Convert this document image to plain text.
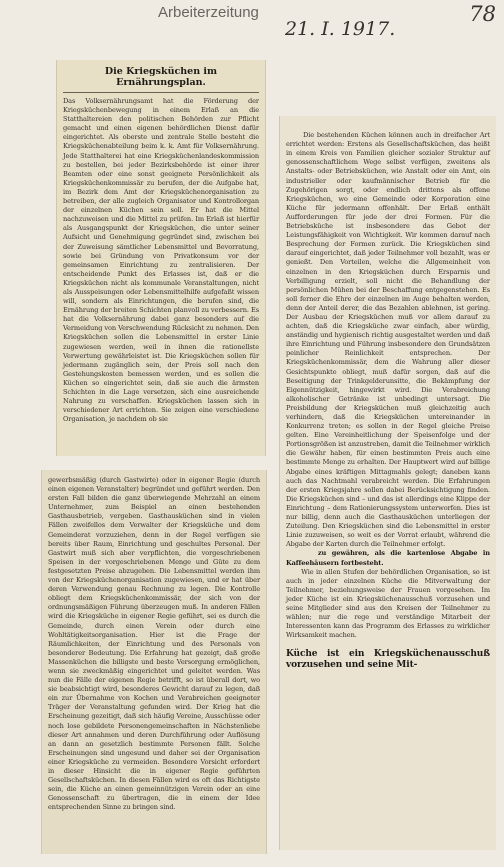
Arbeiterzeitung
21. I. 1917.
78
Die Kriegsküchen im Ernährungsplan.
Das Volksernährungsamt hat die Förderung der Kriegsküchenbewegung in einem Erlaß an die Statthaltereien den politischen Behörden zur Pflicht gemacht und einen eigenen behördlichen Dienst dafür eingerichtet. Als oberste und zentrale Stelle besteht die Kriegsküchenabteilung beim k. k. Amt für Volksernährung. Jede Statthalterei hat eine Kriegsküchenlandeskommission zu bestellen, bei jeder Bezirksbehörde ist einer ihrer Beamten oder eine sonst geeignete Persönlichkeit als Kriegsküchenkommissär zu berufen, der die Aufgabe hat, im Bezirk dem Amt der Kriegsküchenorganisation zu betreiben, der alle zugleich Organisator und Kontrollorgan der einzelnen Küchen sein soll. Er hat die Mittel nachzuweisen und die Mittel zu prüfen. Im Erlaß ist hierfür als Ausgangspunkt der Kriegsküchen, die unter seiner Aufsicht und Genehmigung gegründet sind, zwischen bei der Zuweisung sämtlicher Lebensmittel und Bevorratung, sowie bei Gründung von Privatkonsum vor der gemeinsamen Einrichtung zu zentralisieren. Der entscheidende Punkt des Erlasses ist, daß er die Kriegsküchen nicht als kommunale Veranstaltungen, nicht als Ausspeisungen oder Lebensmittelhilfe aufgefaßt wissen will, sondern als Einrichtungen, die berufen sind, die Ernährung der breiten Schichten planvoll zu verbessern. Es hat die Volksernährung dabei ganz besonders auf die Vermeidung von Verschwendung Rücksicht zu nehmen. Den Kriegsküchen sollen die Lebensmittel in erster Linie zugewiesen werden, weil in ihnen die rationellste Verwertung gewährleistet ist. Die Kriegsküchen sollen für jedermann zugänglich sein, der Preis soll nach den Gestehungskosten bemessen werden, und es sollen die Küchen so eingerichtet sein, daß sie auch die ärmsten Schichten in die Lage versetzen, sich eine ausreichende Nahrung zu verschaffen. Kriegsküchen lassen sich in verschiedener Art errichten. Sie zeigen eine verschiedene Organisation, je nachdem ob sie
gewerbsmäßig (durch Gastwirte) oder in eigener Regie (durch einen eigenen Veranstalter) begründet und geführt werden. Den ersten Fall bilden die ganz überwiegende Mehrzahl an einem Unternehmer, zum Beispiel an einen bestehenden Gasthausbetrieb, vergeben. Gasthausküchen sind in vielen Fällen zweifellos dem Verwalter der Kriegsküche und dem Gemeinderat vorzuziehen, denn in der Regel verfügen sie bereits über Raum, Einrichtung und geschultes Personal. Der Gastwirt muß sich aber verpflichten, die vorgeschriebenen Speisen in der vorgeschriebenen Menge und Güte zu dem festgesetzten Preise abzugeben. Die Lebensmittel werden ihm von der Kriegsküchenorganisation zugewiesen, und er hat über deren Verwendung genau Rechnung zu legen. Die Kontrolle obliegt dem Kriegsküchenkommissär, der sich von der ordnungsmäßigen Führung überzeugen muß. In anderen Fällen wird die Kriegsküche in eigener Regie geführt, sei es durch die Gemeinde, durch einen Verein oder durch eine Wohltätigkeitsorganisation. Hier ist die Frage der Räumlichkeiten, der Einrichtung und des Personals von besonderer Bedeutung. Die Erfahrung hat gezeigt, daß große Massenküchen die billigste und beste Versorgung ermöglichen, wenn sie zweckmäßig eingerichtet und geleitet werden. Was nun die Fälle der eigenen Regie betrifft, so ist überall dort, wo sie beabsichtigt wird, besonderes Gewicht darauf zu legen, daß ein zur Übernahme von Kochen und Verabreichen geeigneter Träger der Veranstaltung gefunden wird. Der Krieg hat die Erscheinung gezeitigt, daß sich häufig Vereine, Ausschüsse oder noch lose gebildete Personengemeinschaften in Nächstenliebe dieser Art annahmen und deren Durchführung oder Auflösung an dann an gesetzlich bestimmte Personen fällt. Solche Erscheinungen sind ungesund und daher sei der Organisation einer Kriegsküche zu vermeiden. Besondere Vorsicht erfordert in dieser Hinsicht die in eigener Regie geführten Gesellschaftsküchen. In diesen Fällen wird es oft das Richtigste sein, die Küche an einen gemeinnützigen Verein oder an eine Genossenschaft zu übertragen, die in einem der Idee entsprechenden Sinne zu bringen sind.

Die bestehenden Küchen können auch in dreifacher Art errichtet werden: Erstens als Gesellschaftsküchen, das heißt in einem Kreis von Familien gleicher sozialer Struktur auf genossenschaftlichem Wege selbst verfügen, zweitens als Anstalts- oder Betriebsküchen, wie Anstalt oder ein Amt, ein industrieller oder kaufmännischer Betrieb für die Zugehörigen sorgt, oder endlich drittens als offene Kriegsküchen, wo eine Gemeinde oder Korporation eine Küche für jedermann offenhält. Der Erlaß enthält Aufforderungen für jede der drei Formen. Für die Betriebsküche ist insbesondere das Gebot der Leistungsfähigkeit von Wichtigkeit. Wir kommen darauf nach Besprechung der Formen zurück. Die Kriegsküchen sind darauf eingerichtet, daß jeder Teilnehmer voll bezahlt, was er genießt. Den Vorteilen, welche die Allgemeinheit von einzelnen in den Kriegsküchen durch Ersparnis und Verbilligung erzielt, soll nicht die Behandlung der persönlichen Mühen bei der Beschaffung entgegenstehen. Es soll ferner die Ehre der einzelnen im Auge behalten werden, denn der Anteil derer, die das Bezahlen ablehnen, ist gering. Der Ausbau der Kriegsküchen muß vor allem darauf zu achten, daß die Kriegsküche zwar einfach, aber würdig, anständig und hygienisch richtig ausgestaltet werden und daß ihre Einrichtung und Führung insbesondere den Grundsätzen peinlicher Reinlichkeit entsprechen. Der Kriegsküchenkommissär, dem die Wahrung aller dieser Gesichtspunkte obliegt, muß dafür sorgen, daß auf die Beseitigung der Trinkgelderunsitte, die Bekämpfung der Eigennützigkeit, hingewirkt wird. Die Verabreichung alkoholischer Getränke ist unbedingt untersagt. Die Preisbildung der Kriegsküchen muß gleichzeitig auch verhindern, daß die Kriegsküchen untereinander in Konkurrenz treten; es sollen in der Regel gleiche Preise gelten. Eine Vereinheitlichung der Speisenfolge und der Portionsgrößen ist anzustreben, damit die Teilnehmer wirklich die Gewähr haben, für einen bestimmten Preis auch eine bestimmte Menge zu erhalten. Der Hauptwert wird auf billige Abgabe eines kräftigen Mittagmahls gelegt; daneben kann auch das Nachtmahl verabreicht werden. Die Erfahrungen der ersten Kriegsjahre sollen dabei Berücksichtigung finden. Die Kriegsküchen sind – und das ist allerdings eine Klippe der Einrichtung – dem Rationierungssystem unterworfen. Dies ist nur billig, denn auch die Gasthausküchen unterliegen der Zuteilung. Den Kriegsküchen sind die Lebensmittel in erster Linie zuzuweisen, so weit es der Vorrat erlaubt, während die Abgabe der Karten durch die Teilnehmer erfolgt.
zu gewähren, als die kartenlose Abgabe in Kaffeehäusern fortbesteht.
Wie in allen Stufen der behördlichen Organisation, so ist auch in jeder einzelnen Küche die Mitverwaltung der Teilnehmer, beziehungsweise der Frauen vorgesehen. Im jeder Küche ist ein Kriegsküchenausschuß vorzusehen und seine Mitglieder sind aus den Kreisen der Teilnehmer zu wählen; nur die rege und verständige Mitarbeit der Interessenten kann das Programm des Erlasses zu wirklicher Wirksamkeit machen.

Küche ist ein Kriegsküchenausschuß vorzusehen und seine Mit-
